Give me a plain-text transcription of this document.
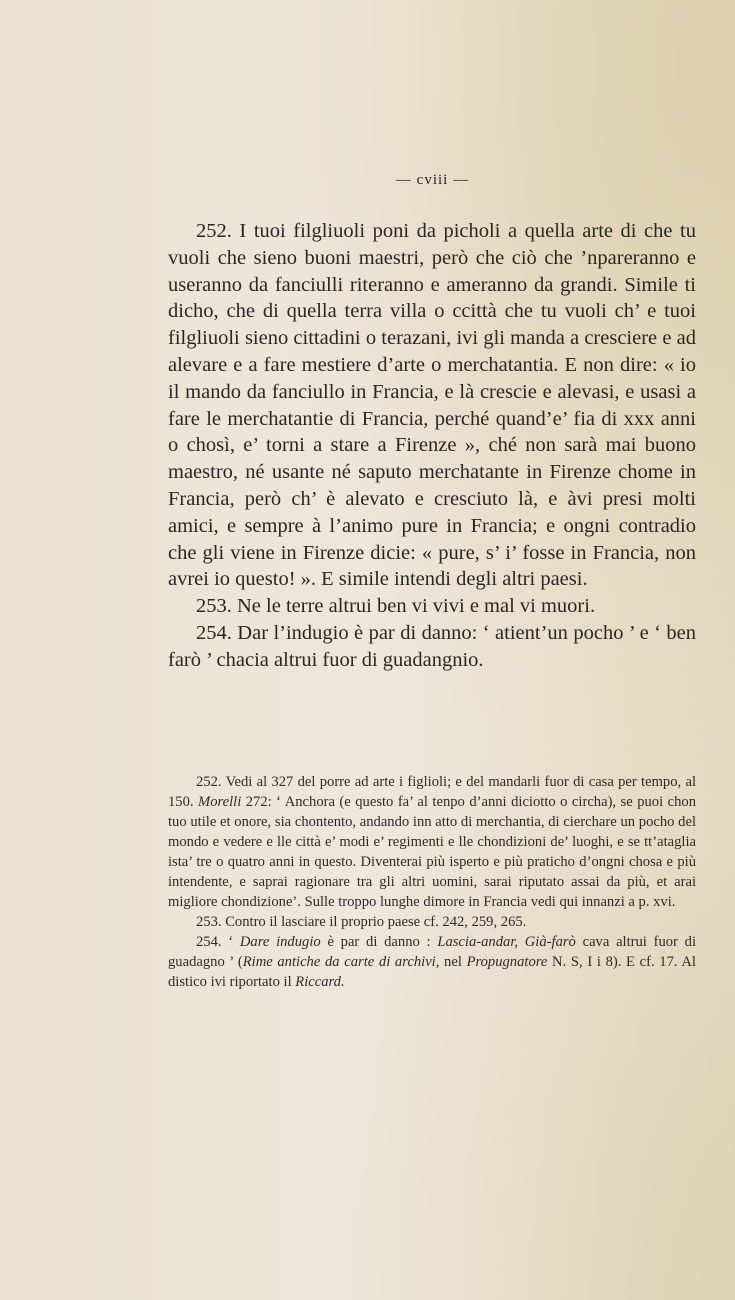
— cviii —

252. I tuoi filgliuoli poni da picholi a quella arte di che tu vuoli che sieno buoni maestri, però che ciò che ’npareranno e useranno da fanciulli riteranno e ameranno da grandi. Simile ti dicho, che di quella terra villa o ccittà che tu vuoli ch’ e tuoi filgliuoli sieno cittadini o terazani, ivi gli manda a cresciere e ad alevare e a fare mestiere d’arte o merchatantia. E non dire: « io il mando da fanciullo in Francia, e là crescie e alevasi, e usasi a fare le merchatantie di Francia, perché quand’e’ fia di xxx anni o chosì, e’ torni a stare a Firenze », ché non sarà mai buono maestro, né usante né saputo merchatante in Firenze chome in Francia, però ch’ è alevato e cresciuto là, e àvi presi molti amici, e sempre à l’animo pure in Francia; e ongni contradio che gli viene in Firenze dicie: « pure, s’ i’ fosse in Francia, non avrei io questo! ». E simile intendi degli altri paesi.

253. Ne le terre altrui ben vi vivi e mal vi muori.

254. Dar l’indugio è par di danno: ‘ atient’un pocho ’ e ‘ ben farò ’ chacia altrui fuor di guadangnio.

252. Vedi al 327 del porre ad arte i figlioli; e del mandarli fuor di casa per tempo, al 150. Morelli 272: ‘ Anchora (e questo fa’ al tenpo d’anni diciotto o circha), se puoi chon tuo utile et onore, sia chontento, andando inn atto di merchantia, di cierchare un pocho del mondo e vedere e lle città e’ modi e’ regimenti e lle chondizioni de’ luoghi, e se tt’ataglia ista’ tre o quatro anni in questo. Diventerai più isperto e più praticho d’ongni chosa e più intendente, e saprai ragionare tra gli altri uomini, sarai riputato assai da più, et arai migliore chondizione’. Sulle troppo lunghe dimore in Francia vedi qui innanzi a p. xvi.

253. Contro il lasciare il proprio paese cf. 242, 259, 265.

254. ‘ Dare indugio è par di danno : Lascia-andar, Già-farò cava altrui fuor di guadagno ’ (Rime antiche da carte di archivi, nel Propugnatore N. S, I i 8). E cf. 17. Al distico ivi riportato il Riccard.
